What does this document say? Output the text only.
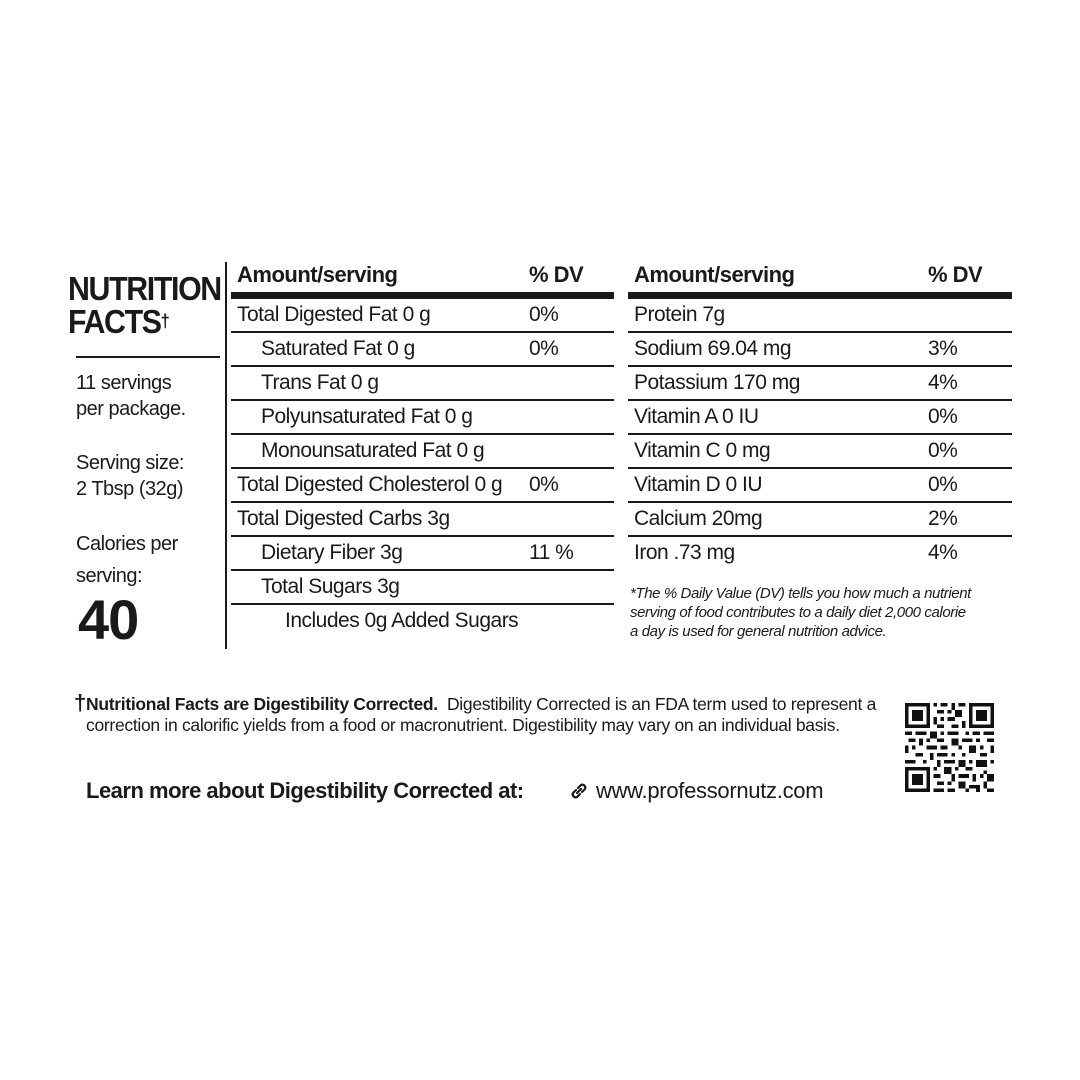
NUTRITION
FACTS†
11 servings
per package.
Serving size:
2 Tbsp (32g)
Calories per
serving:
40
Amount/serving	% DV
Total Digested Fat 0 g	0%
Saturated Fat 0 g	0%
Trans Fat 0 g
Polyunsaturated Fat 0 g
Monounsaturated Fat 0 g
Total Digested Cholesterol 0 g 0%
Total Digested Carbs 3g
Dietary Fiber 3g	11 %
Total Sugars 3g
Includes 0g Added Sugars
Amount/serving	% DV
Protein 7g
Sodium 69.04 mg	3%
Potassium 170 mg	4%
Vitamin A 0 IU	0%
Vitamin C 0 mg	0%
Vitamin D 0 IU	0%
Calcium 20mg	2%
Iron .73 mg	4%
*The % Daily Value (DV) tells you how much a nutrient
serving of food contributes to a daily diet 2,000 calorie
a day is used for general nutrition advice.
† Nutritional Facts are Digestibility Corrected. Digestibility Corrected is an FDA term used to represent a correction in calorific yields from a food or macronutrient. Digestibility may vary on an individual basis.
Learn more about Digestibility Corrected at:	www.professornutz.com
